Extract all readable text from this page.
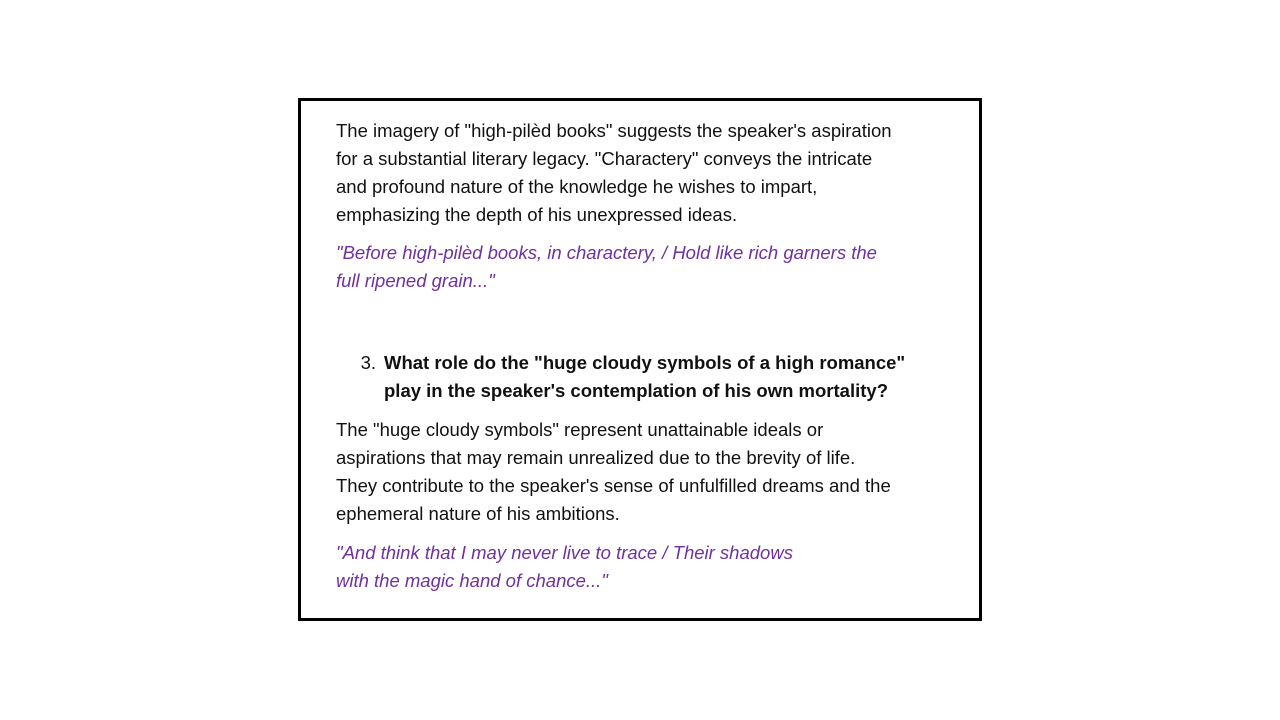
The imagery of "high-pilèd books" suggests the speaker's aspiration
for a substantial literary legacy. "Charactery" conveys the intricate
and profound nature of the knowledge he wishes to impart,
emphasizing the depth of his unexpressed ideas.

"Before high-pilèd books, in charactery, / Hold like rich garners the
full ripened grain..."

3. What role do the "huge cloudy symbols of a high romance"
play in the speaker's contemplation of his own mortality?

The "huge cloudy symbols" represent unattainable ideals or
aspirations that may remain unrealized due to the brevity of life.
They contribute to the speaker's sense of unfulfilled dreams and the
ephemeral nature of his ambitions.

"And think that I may never live to trace / Their shadows
with the magic hand of chance..."
